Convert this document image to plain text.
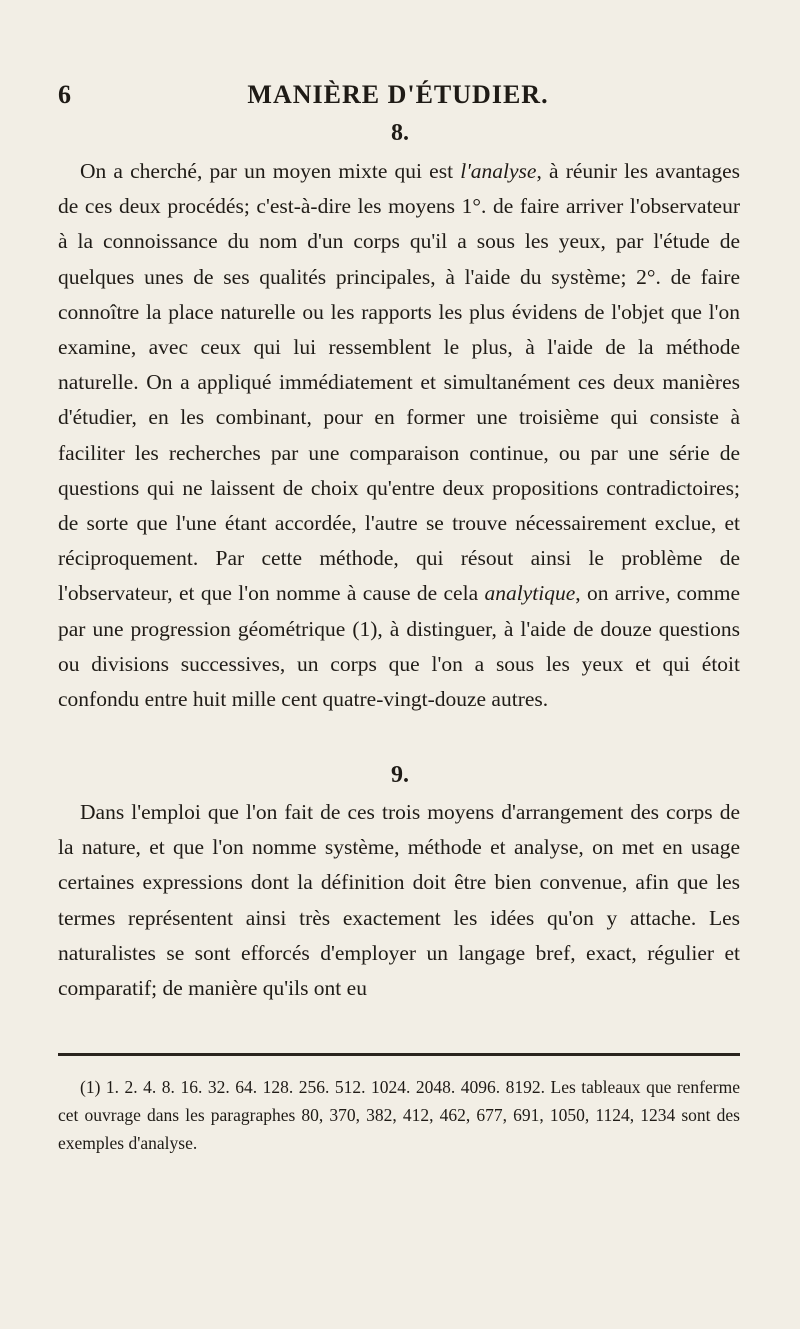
6	MANIÈRE D'ÉTUDIER.
8.

On a cherché, par un moyen mixte qui est l'analyse, à réunir les avantages de ces deux procédés; c'est-à-dire les moyens 1°. de faire arriver l'observateur à la connoissance du nom d'un corps qu'il a sous les yeux, par l'étude de quelques unes de ses qualités principales, à l'aide du système; 2°. de faire connoître la place naturelle ou les rapports les plus évidens de l'objet que l'on examine, avec ceux qui lui ressemblent le plus, à l'aide de la méthode naturelle. On a appliqué immédiatement et simultanément ces deux manières d'étudier, en les combinant, pour en former une troisième qui consiste à faciliter les recherches par une comparaison continue, ou par une série de questions qui ne laissent de choix qu'entre deux propositions contradictoires; de sorte que l'une étant accordée, l'autre se trouve nécessairement exclue, et réciproquement. Par cette méthode, qui résout ainsi le problème de l'observateur, et que l'on nomme à cause de cela analytique, on arrive, comme par une progression géométrique (1), à distinguer, à l'aide de douze questions ou divisions successives, un corps que l'on a sous les yeux et qui étoit confondu entre huit mille cent quatre-vingt-douze autres.

9.

Dans l'emploi que l'on fait de ces trois moyens d'arrangement des corps de la nature, et que l'on nomme système, méthode et analyse, on met en usage certaines expressions dont la définition doit être bien convenue, afin que les termes représentent ainsi très exactement les idées qu'on y attache. Les naturalistes se sont efforcés d'employer un langage bref, exact, régulier et comparatif; de manière qu'ils ont eu

(1) 1. 2. 4. 8. 16. 32. 64. 128. 256. 512. 1024. 2048. 4096. 8192. Les tableaux que renferme cet ouvrage dans les paragraphes 80, 370, 382, 412, 462, 677, 691, 1050, 1124, 1234 sont des exemples d'analyse.
